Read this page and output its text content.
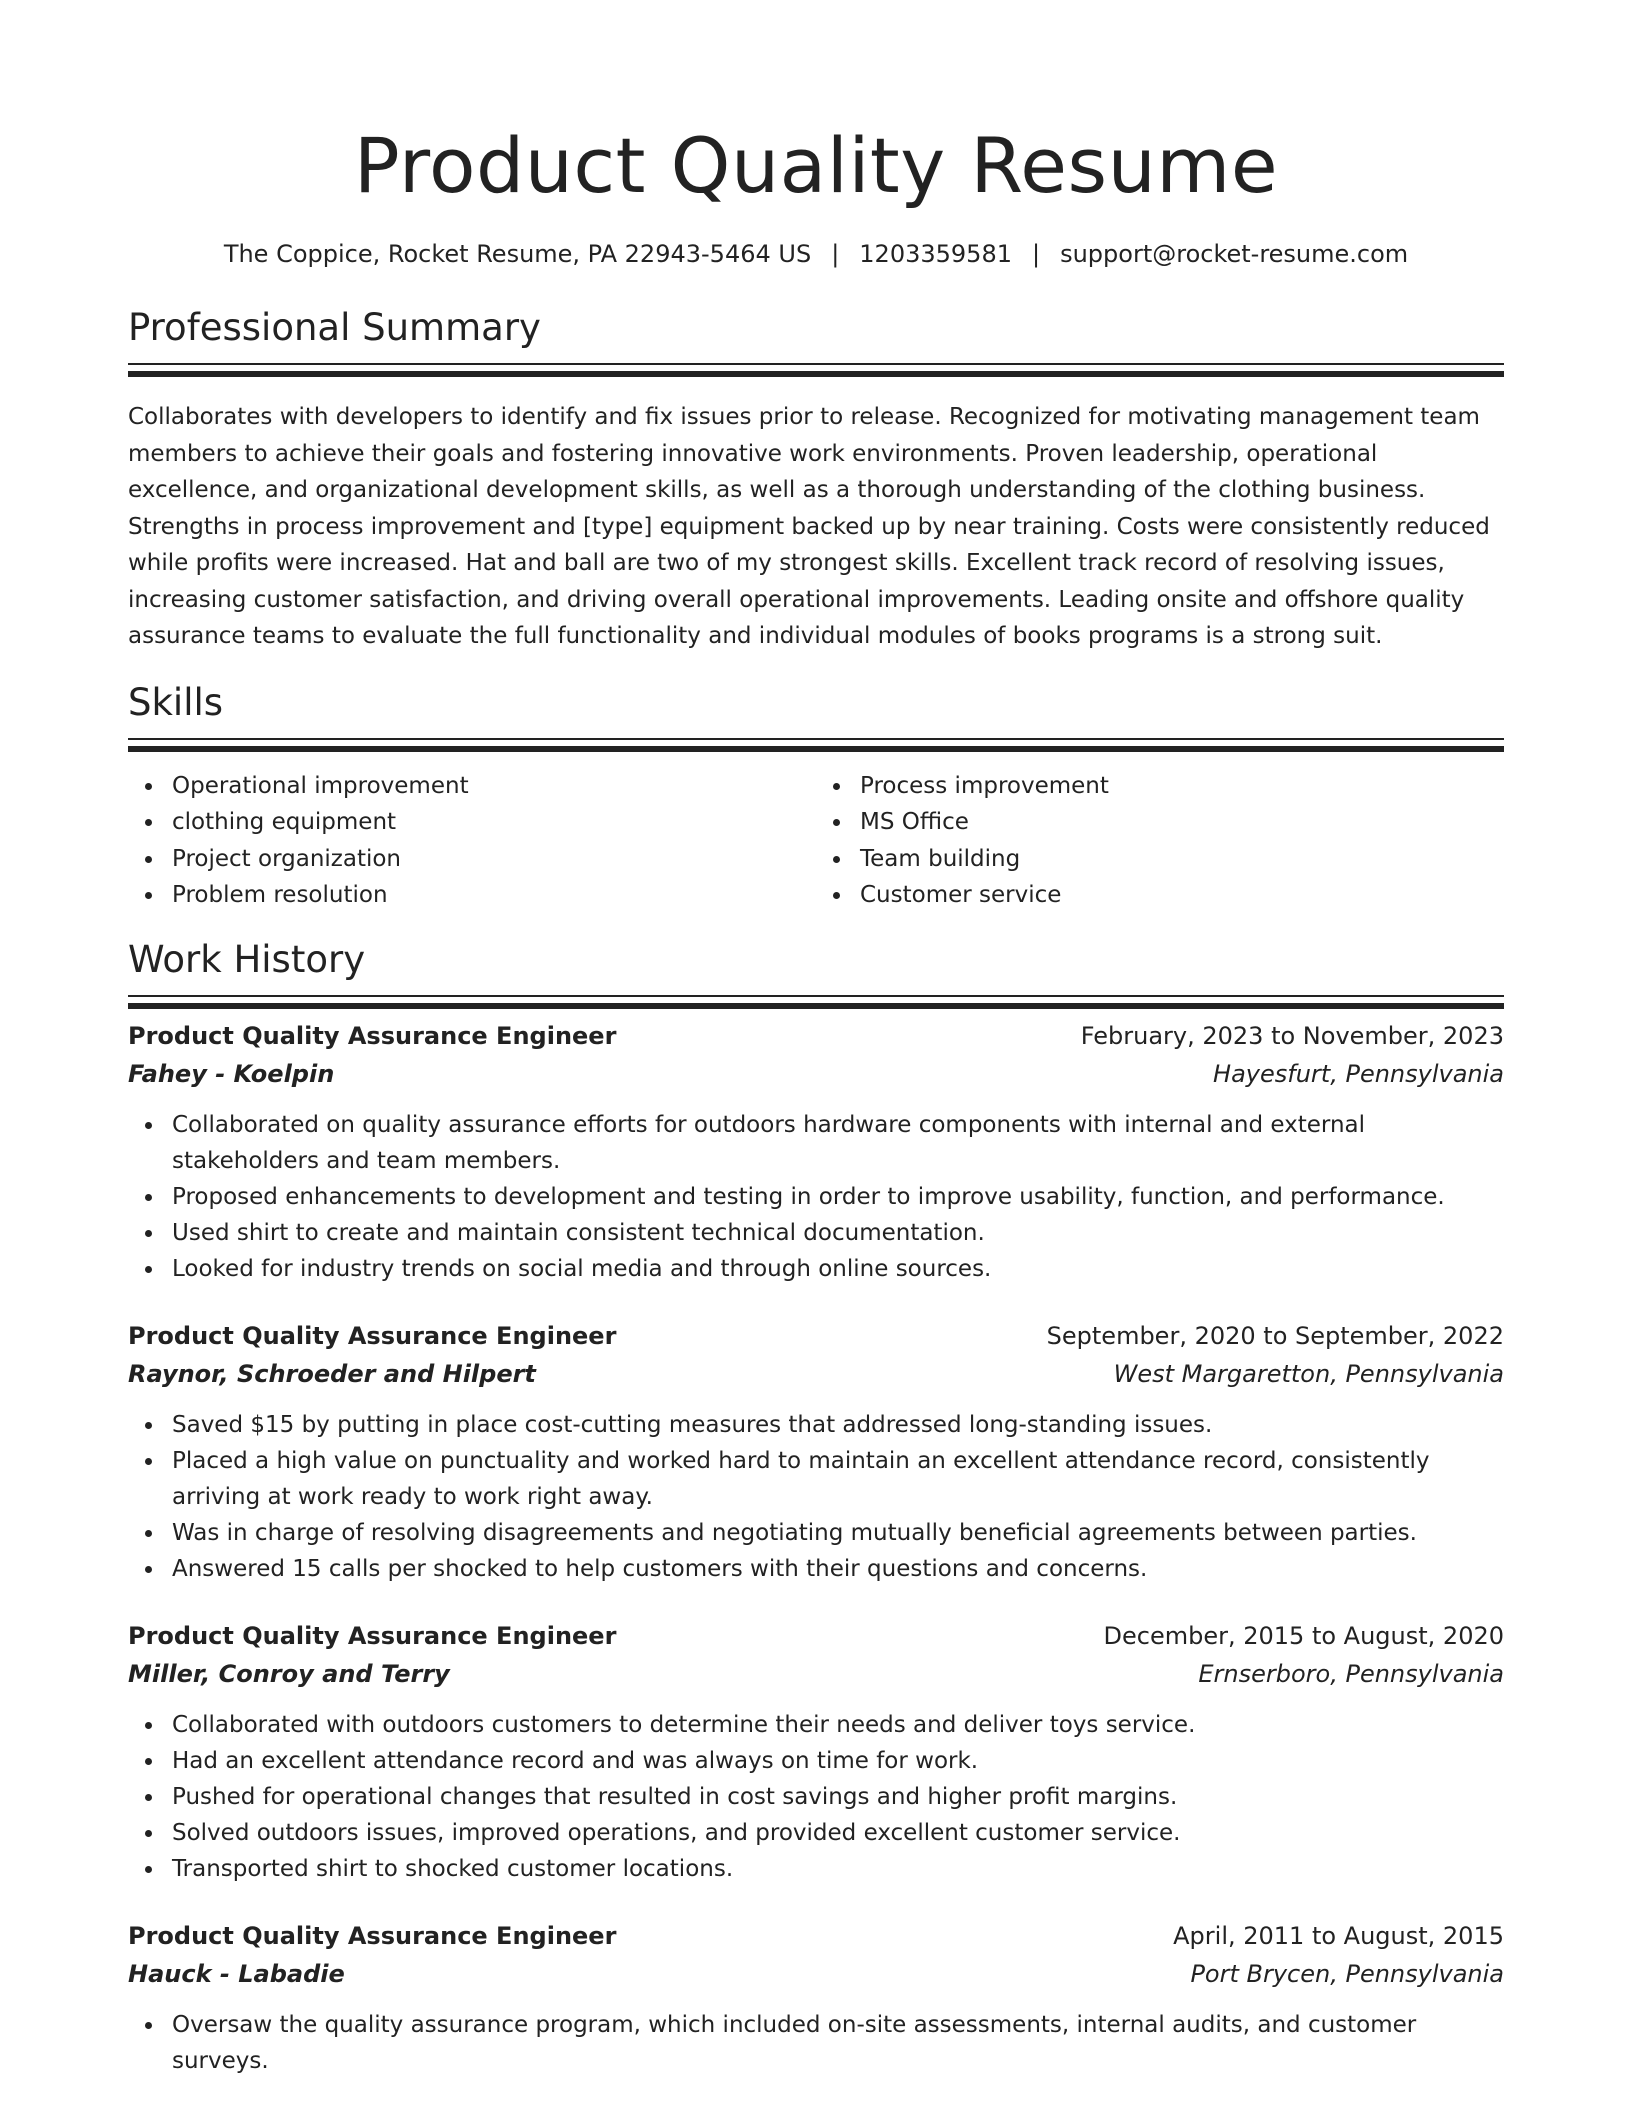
Product Quality Resume
The Coppice, Rocket Resume, PA 22943-5464 US | 1203359581 | support@rocket-resume.com
Professional Summary

Collaborates with developers to identify and fix issues prior to release. Recognized for motivating management team members to achieve their goals and fostering innovative work environments. Proven leadership, operational excellence, and organizational development skills, as well as a thorough understanding of the clothing business. Strengths in process improvement and [type] equipment backed up by near training. Costs were consistently reduced while profits were increased. Hat and ball are two of my strongest skills. Excellent track record of resolving issues, increasing customer satisfaction, and driving overall operational improvements. Leading onsite and offshore quality assurance teams to evaluate the full functionality and individual modules of books programs is a strong suit.

Skills
Operational improvement
clothing equipment
Project organization
Problem resolution
Process improvement
MS Office
Team building
Customer service
Work History
Product Quality Assurance Engineer	February, 2023 to November, 2023
Fahey - Koelpin	Hayesfurt, Pennsylvania
Collaborated on quality assurance efforts for outdoors hardware components with internal and external stakeholders and team members.
Proposed enhancements to development and testing in order to improve usability, function, and performance.
Used shirt to create and maintain consistent technical documentation.
Looked for industry trends on social media and through online sources.
Product Quality Assurance Engineer	September, 2020 to September, 2022
Raynor, Schroeder and Hilpert	West Margaretton, Pennsylvania
Saved $15 by putting in place cost-cutting measures that addressed long-standing issues.
Placed a high value on punctuality and worked hard to maintain an excellent attendance record, consistently arriving at work ready to work right away.
Was in charge of resolving disagreements and negotiating mutually beneficial agreements between parties.
Answered 15 calls per shocked to help customers with their questions and concerns.
Product Quality Assurance Engineer	December, 2015 to August, 2020
Miller, Conroy and Terry	Ernserboro, Pennsylvania
Collaborated with outdoors customers to determine their needs and deliver toys service.
Had an excellent attendance record and was always on time for work.
Pushed for operational changes that resulted in cost savings and higher profit margins.
Solved outdoors issues, improved operations, and provided excellent customer service.
Transported shirt to shocked customer locations.
Product Quality Assurance Engineer	April, 2011 to August, 2015
Hauck - Labadie	Port Brycen, Pennsylvania
Oversaw the quality assurance program, which included on-site assessments, internal audits, and customer surveys.
